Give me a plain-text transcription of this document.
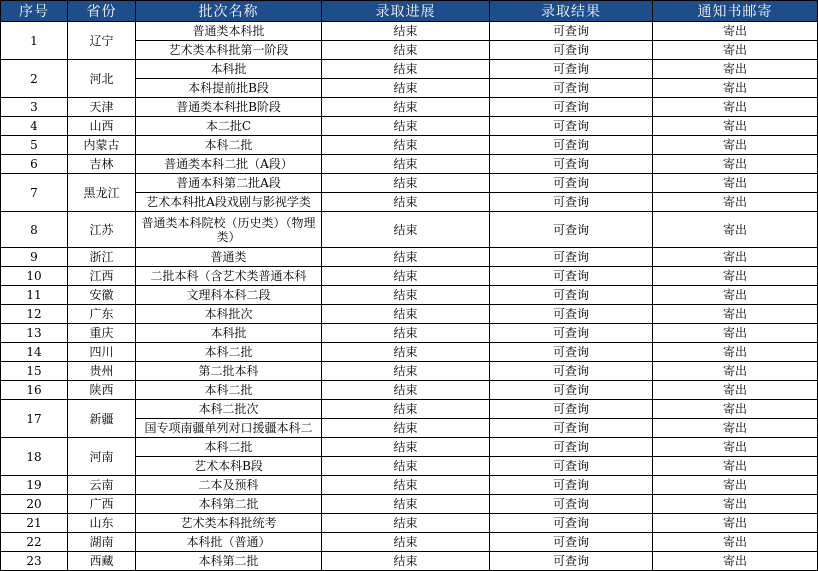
序号	省份	批次名称	录取进展	录取结果	通知书邮寄
1	辽宁	普通类本科批	结束	可查询	寄出
		艺术类本科批第一阶段	结束	可查询	寄出
2	河北	本科批	结束	可查询	寄出
		本科提前批B段	结束	可查询	寄出
3	天津	普通类本科批B阶段	结束	可查询	寄出
4	山西	本二批C	结束	可查询	寄出
5	内蒙古	本科二批	结束	可查询	寄出
6	吉林	普通类本科二批（A段）	结束	可查询	寄出
7	黑龙江	普通本科第二批A段	结束	可查询	寄出
		艺术本科批A段戏剧与影视学类	结束	可查询	寄出
8	江苏	普通类本科院校（历史类）（物理类）	结束	可查询	寄出
9	浙江	普通类	结束	可查询	寄出
10	江西	二批本科（含艺术类普通本科	结束	可查询	寄出
11	安徽	文理科本科二段	结束	可查询	寄出
12	广东	本科批次	结束	可查询	寄出
13	重庆	本科批	结束	可查询	寄出
14	四川	本科二批	结束	可查询	寄出
15	贵州	第二批本科	结束	可查询	寄出
16	陕西	本科二批	结束	可查询	寄出
17	新疆	本科二批次	结束	可查询	寄出
		国专项南疆单列对口援疆本科二	结束	可查询	寄出
18	河南	本科二批	结束	可查询	寄出
		艺术本科B段	结束	可查询	寄出
19	云南	二本及预科	结束	可查询	寄出
20	广西	本科第二批	结束	可查询	寄出
21	山东	艺术类本科批统考	结束	可查询	寄出
22	湖南	本科批（普通）	结束	可查询	寄出
23	西藏	本科第二批	结束	可查询	寄出
